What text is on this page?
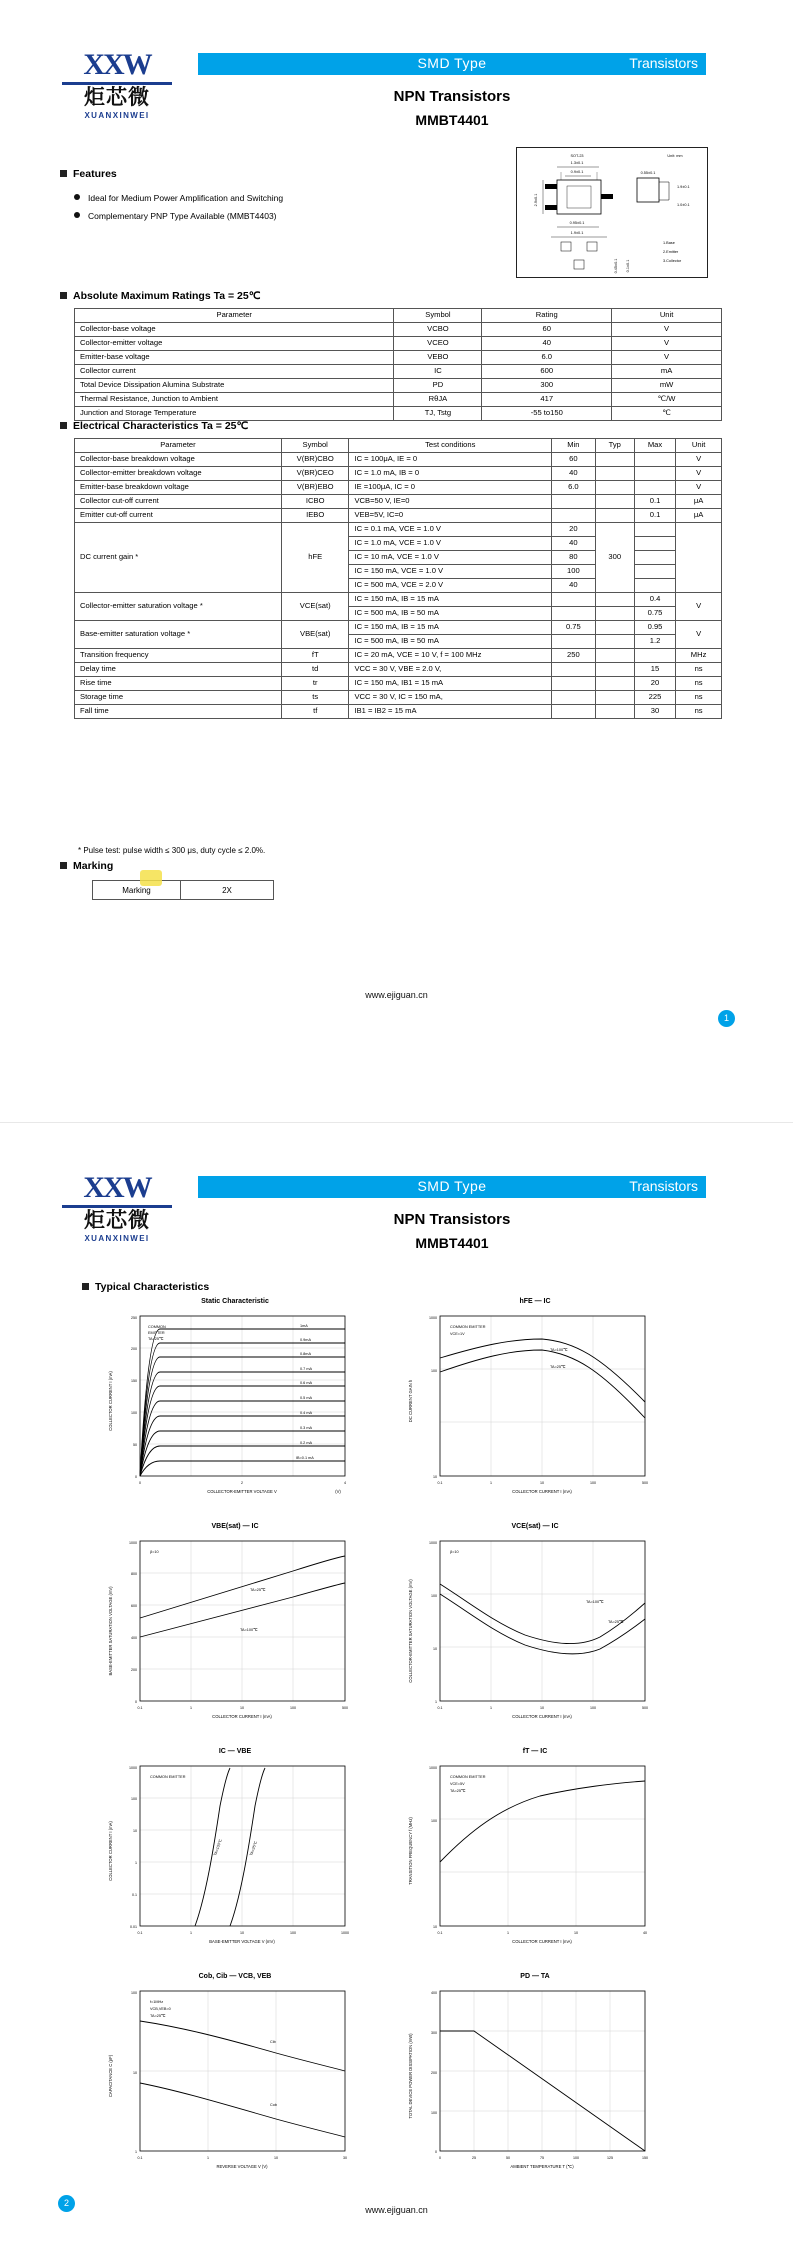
XXW
炬芯微
XUANXINWEI
SMD Type	Transistors
NPN Transistors
MMBT4401
Features
Ideal for Medium Power Amplification and Switching
Complementary PNP Type Available (MMBT4403)
SOT-23	Unit: mm
1.3±0.1
0.9±0.1
2.9±0.1
1.9±0.1
0.55±0.1
1.0±0.1
0.95±0.1
1.9±0.1
0.45±0.1 0.1±0.1
1.Base
2.Emitter
3.Collector
Absolute Maximum Ratings Ta = 25℃
Parameter	Symbol	Rating	Unit
Collector-base voltage	VCBO	60	V
Collector-emitter voltage	VCEO	40	V
Emitter-base voltage	VEBO	6.0	V
Collector current	IC	600	mA
Total Device Dissipation Alumina Substrate	PD	300	mW
Thermal Resistance, Junction to Ambient	RθJA	417	℃/W
Junction and Storage Temperature	TJ, Tstg	-55 to150	℃
Electrical Characteristics Ta = 25℃
Parameter	Symbol	Test conditions	Min	Typ	Max	Unit
Collector-base breakdown voltage	V(BR)CBO	IC = 100μA, IE = 0	60			V
Collector-emitter breakdown voltage	V(BR)CEO	IC = 1.0 mA, IB = 0	40			V
Emitter-base breakdown voltage	V(BR)EBO	IE =100μA, IC = 0	6.0			V
Collector cut-off current	ICBO	VCB=50 V, IE=0			0.1	μA
Emitter cut-off current	IEBO	VEB=5V, IC=0			0.1	μA
DC current gain *	hFE	IC = 0.1 mA, VCE = 1.0 V	20	300		
		IC = 1.0 mA, VCE = 1.0 V	40			
		IC = 10 mA, VCE = 1.0 V	80			
		IC = 150 mA, VCE = 1.0 V	100			
		IC = 500 mA, VCE = 2.0 V	40			
Collector-emitter saturation voltage *	VCE(sat)	IC = 150 mA, IB = 15 mA			0.4	V
		IC = 500 mA, IB = 50 mA			0.75	
Base-emitter saturation voltage *	VBE(sat)	IC = 150 mA, IB = 15 mA	0.75		0.95	V
		IC = 500 mA, IB = 50 mA			1.2	
Transition frequency	fT	IC = 20 mA, VCE = 10 V, f = 100 MHz	250			MHz
Delay time	td	VCC = 30 V, VBE = 2.0 V,			15	ns
Rise time	tr	IC = 150 mA, IB1 = 15 mA			20	ns
Storage time	ts	VCC = 30 V, IC = 150 mA,			225	ns
Fall time	tf	IB1 = IB2 = 15 mA			30	ns
* Pulse test: pulse width ≤ 300 μs, duty cycle ≤ 2.0%.
Marking
Marking	2X
www.ejiguan.cn
1
XXW
炬芯微
XUANXINWEI
SMD Type	Transistors
NPN Transistors
MMBT4401
Typical Characteristics
Static Characteristic
0
50
100
150
200
250
0	2	4
COLLECTOR-EMITTER VOLTAGE V	(V)
COLLECTOR CURRENT I (mA)
COMMON
EMITTER
TA=25℃
1mA
0.9mA
0.8mA
0.7 mA
0.6 mA
0.5 mA
0.4 mA
0.3 mA
0.2 mA
IB=0.1 mA
hFE — IC
1000
100
10
0.1	1	10	100	500
COLLECTOR CURRENT I (mA)
DC CURRENT GAIN h
COMMON EMITTER
VCE=1V
TA=100℃
TA=25℃
VBE(sat) — IC
1000
800
600
400
200
0
0.1	1	10	100	500
COLLECTOR CURRENT I (mA)
BASE-EMITTER SATURATION VOLTAGE (mV)
β=10
TA=25℃
TA=100℃
VCE(sat) — IC
1000
100
10
1
0.1	1	10	100	500
COLLECTOR CURRENT I (mA)
COLLECTOR-EMITTER SATURATION VOLTAGE (mV)
β=10
TA=100℃
TA=25℃
IC — VBE
1000
100
10
1
0.1
0.01
0.1	1	10	100	1000
BASE-EMITTER VOLTAGE V (mV)
COLLECTOR CURRENT I (mA)
COMMON EMITTER
TA=100℃	TA=25℃
fT — IC
1000
100
10
0.1	1	10	40
COLLECTOR CURRENT I (mA)
TRANSITION FREQUENCY f (MHz)
COMMON EMITTER
VCE=5V
TA=25℃
Cob, Cib — VCB, VEB
100
10
1
0.1	1	10	30
REVERSE VOLTAGE V (V)
CAPACITANCE C (pF)
f=1MHz
VCB,VEB=0
TA=25℃
Cib
Cob
PD — TA
400
300
200
100
0
0	25	50	75	100	125	150
AMBIENT TEMPERATURE T (℃)
TOTAL DEVICE POWER DISSIPATION (mW)
www.ejiguan.cn
2
